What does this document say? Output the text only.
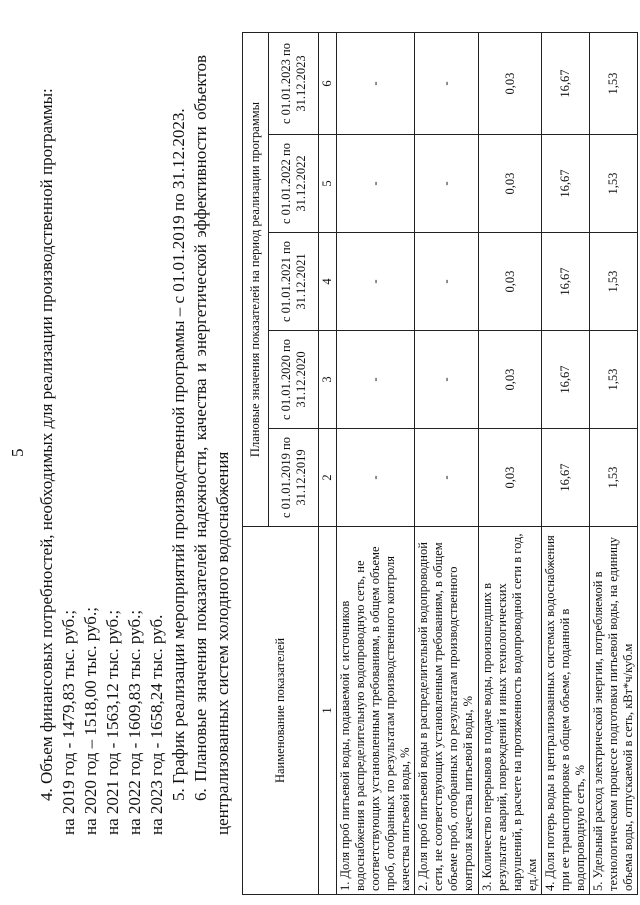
5 4. Объем финансовых потребностей, необходимых для реализации производственной программы: на 2019 год - 1479,83 тыс. руб.; на 2020 год – 1518,00 тыс. руб.; на 2021 год - 1563,12 тыс. руб.; на 2022 год - 1609,83 тыс. руб.; на 2023 год - 1658,24 тыс. руб. 5. График реализации мероприятий производственной программы – с 01.01.2019 по 31.12.2023. 6. Плановые значения показателей надежности, качества и энергетической эффективности объектов централизованных систем холодного водоснабжения	Наименование показателей	Плановые значения показателей на период реализации программы				
	с 01.01.2019 по 31.12.2019	с 01.01.2020 по 31.12.2020	с 01.01.2021 по 31.12.2021	с 01.01.2022 по 31.12.2022	с 01.01.2023 по 31.12.2023
1	2	3	4	5	6
1. Доля проб питьевой воды, подаваемой с источников водоснабжения в распределительную водопроводную сеть, не соответствующих установленным требованиям, в общем объеме проб, отобранных по результатам производственного контроля качества питьевой воды, %	-	-	-	-	-
2. Доля проб питьевой воды в распределительной водопроводной сети, не соответствующих установленным требованиям, в общем объеме проб, отобранных по результатам производственного контроля качества питьевой воды, %	-	-	-	-	-
3. Количество перерывов в подаче воды, произошедших в результате аварий, повреждений и иных технологических нарушений, в расчете на протяженность водопроводной сети в год, ед./км	0,03	0,03	0,03	0,03	0,03
4. Доля потерь воды в централизованных системах водоснабжения при ее транспортировке в общем объеме, поданной в водопроводную сеть, %	16,67	16,67	16,67	16,67	16,67
5. Удельный расход электрической энергии, потребляемой в технологическом процессе подготовки питьевой воды, на единицу объема воды, отпускаемой в сеть, кВт*ч/куб.м	1,53	1,53	1,53	1,53	1,53
